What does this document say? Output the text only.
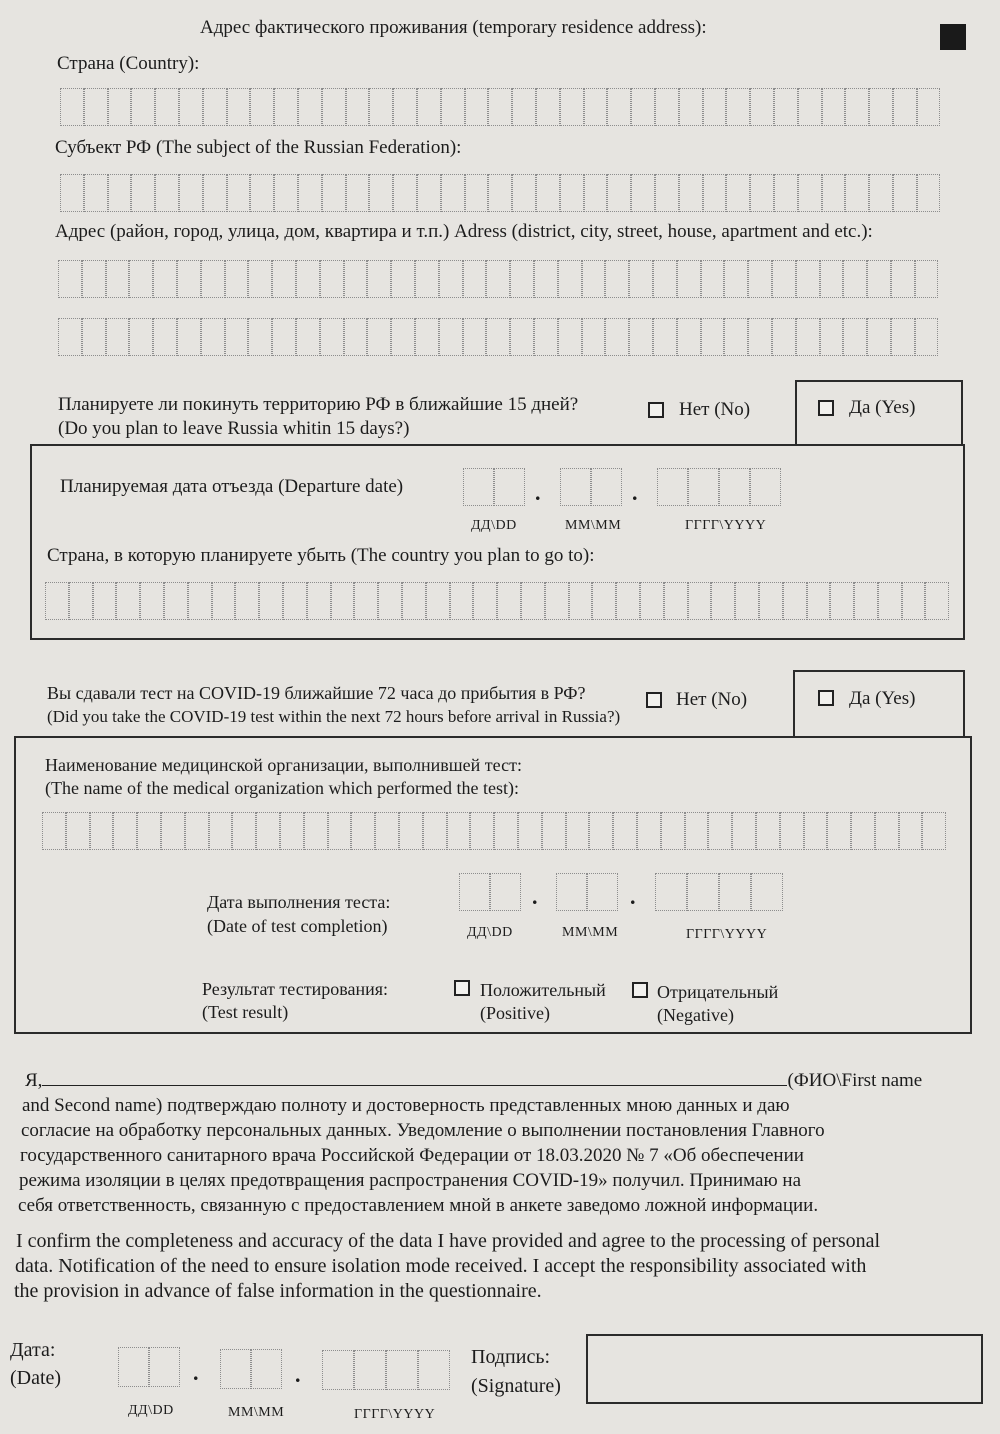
Адрес фактического проживания (temporary residence address):
Страна (Country):
Субъект РФ (The subject of the Russian Federation):
Адрес (район, город, улица, дом, квартира и т.п.) Adress (district, city, street, house, apartment and etc.):
Планируете ли покинуть территорию РФ в ближайшие 15 дней?
(Do you plan to leave Russia whitin 15 days?)
Нет (No)	Да (Yes)
Планируемая дата отъезда (Departure date)	.	.
ДД\DD	ММ\MM	ГГГГ\YYYY
Страна, в которую планируете убыть (The country you plan to go to):
Вы сдавали тест на COVID-19 ближайшие 72 часа до прибытия в РФ?
(Did you take the COVID-19 test within the next 72 hours before arrival in Russia?)
Нет (No)	Да (Yes)
Наименование медицинской организации, выполнившей тест:
(The name of the medical organization which performed the test):
Дата выполнения теста:
(Date of test completion)
.	.
ДД\DD	ММ\MM	ГГГГ\YYYY
Результат тестирования:
(Test result)
Положительный
(Positive)
Отрицательный
(Negative)
Я,	(ФИО\First name
and Second name) подтверждаю полноту и достоверность представленных мною данных и даю
согласие на обработку персональных данных. Уведомление о выполнении постановления Главного
государственного санитарного врача Российской Федерации от 18.03.2020 № 7 «Об обеспечении
режима изоляции в целях предотвращения распространения COVID-19» получил. Принимаю на
себя ответственность, связанную с предоставлением мной в анкете заведомо ложной информации.
I confirm the completeness and accuracy of the data I have provided and agree to the processing of personal
data. Notification of the need to ensure isolation mode received. I accept the responsibility associated with
the provision in advance of false information in the questionnaire.
Дата:
(Date)	.	.
ДД\DD	ММ\MM	ГГГГ\YYYY
Подпись:
(Signature)
